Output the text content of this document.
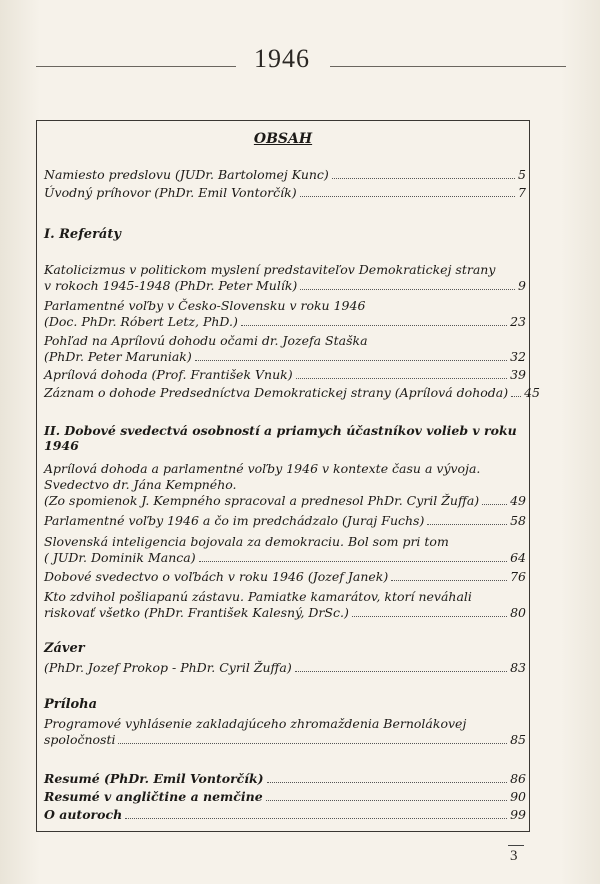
1946
OBSAH
Namiesto predslovu (JUDr. Bartolomej Kunc)	5
Úvodný príhovor (PhDr. Emil Vontorčík)	7
I. Referáty
Katolicizmus v politickom myslení predstaviteľov Demokratickej strany
v rokoch 1945-1948 (PhDr. Peter Mulík)	9
Parlamentné voľby v Česko-Slovensku v roku 1946
(Doc. PhDr. Róbert Letz, PhD.)	23
Pohľad na Aprílovú dohodu očami dr. Jozefa Staška
(PhDr. Peter Maruniak)	32
Aprílová dohoda (Prof. František Vnuk)	39
Záznam o dohode Predsedníctva Demokratickej strany (Aprílová dohoda) 45
II. Dobové svedectvá osobností a priamych účastníkov volieb v roku 1946
Aprílová dohoda a parlamentné voľby 1946 v kontexte času a vývoja.
Svedectvo dr. Jána Kempného.
(Zo spomienok J. Kempného spracoval a prednesol PhDr. Cyril Žuffa) 49
Parlamentné voľby 1946 a čo im predchádzalo (Juraj Fuchs)	58
Slovenská inteligencia bojovala za demokraciu. Bol som pri tom
( JUDr. Dominik Manca)	64
Dobové svedectvo o voľbách v roku 1946 (Jozef Janek)	76
Kto zdvihol pošliapanú zástavu. Pamiatke kamarátov, ktorí neváhali
riskovať všetko (PhDr. František Kalesný, DrSc.)	80
Záver
(PhDr. Jozef Prokop - PhDr. Cyril Žuffa)	83
Príloha
Programové vyhlásenie zakladajúceho zhromaždenia Bernolákovej
spoločnosti	85
Resumé (PhDr. Emil Vontorčík)	86
Resumé v angličtine a nemčine	90
O autoroch	99
3
